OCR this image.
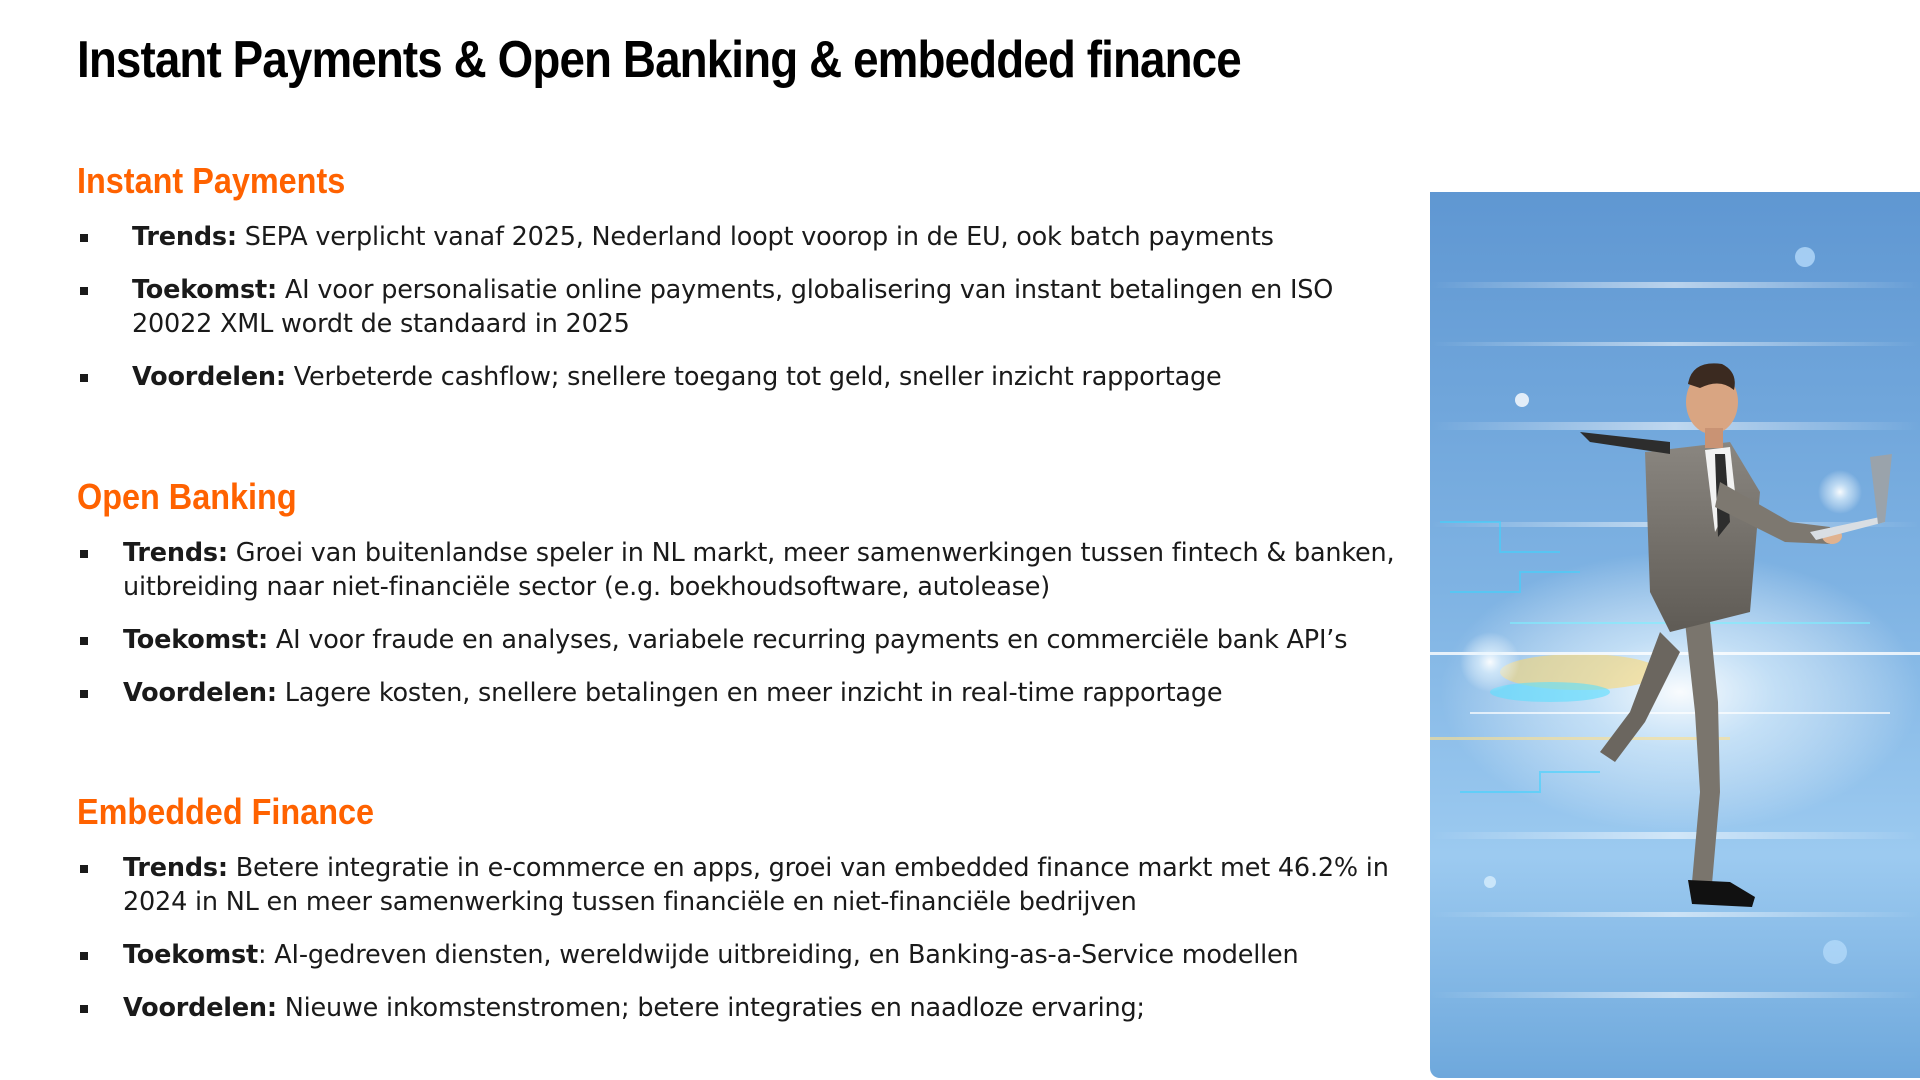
Instant Payments & Open Banking & embedded finance
Instant Payments
Trends: SEPA verplicht vanaf 2025, Nederland loopt voorop in de EU, ook batch payments
Toekomst: AI voor personalisatie online payments, globalisering van instant betalingen en ISO 20022 XML wordt de standaard in 2025
Voordelen: Verbeterde cashflow; snellere toegang tot geld, sneller inzicht rapportage
Open Banking
Trends: Groei van buitenlandse speler in NL markt, meer samenwerkingen tussen fintech & banken, uitbreiding naar niet-financiële sector (e.g. boekhoudsoftware, autolease)
Toekomst: AI voor fraude en analyses, variabele recurring payments en commerciële bank API’s
Voordelen: Lagere kosten, snellere betalingen en meer inzicht in real-time rapportage
Embedded Finance
Trends: Betere integratie in e-commerce en apps, groei van embedded finance markt met 46.2% in 2024 in NL en meer samenwerking tussen financiële en niet-financiële bedrijven
Toekomst: AI-gedreven diensten, wereldwijde uitbreiding, en Banking-as-a-Service modellen
Voordelen: Nieuwe inkomstenstromen; betere integraties en naadloze ervaring;
